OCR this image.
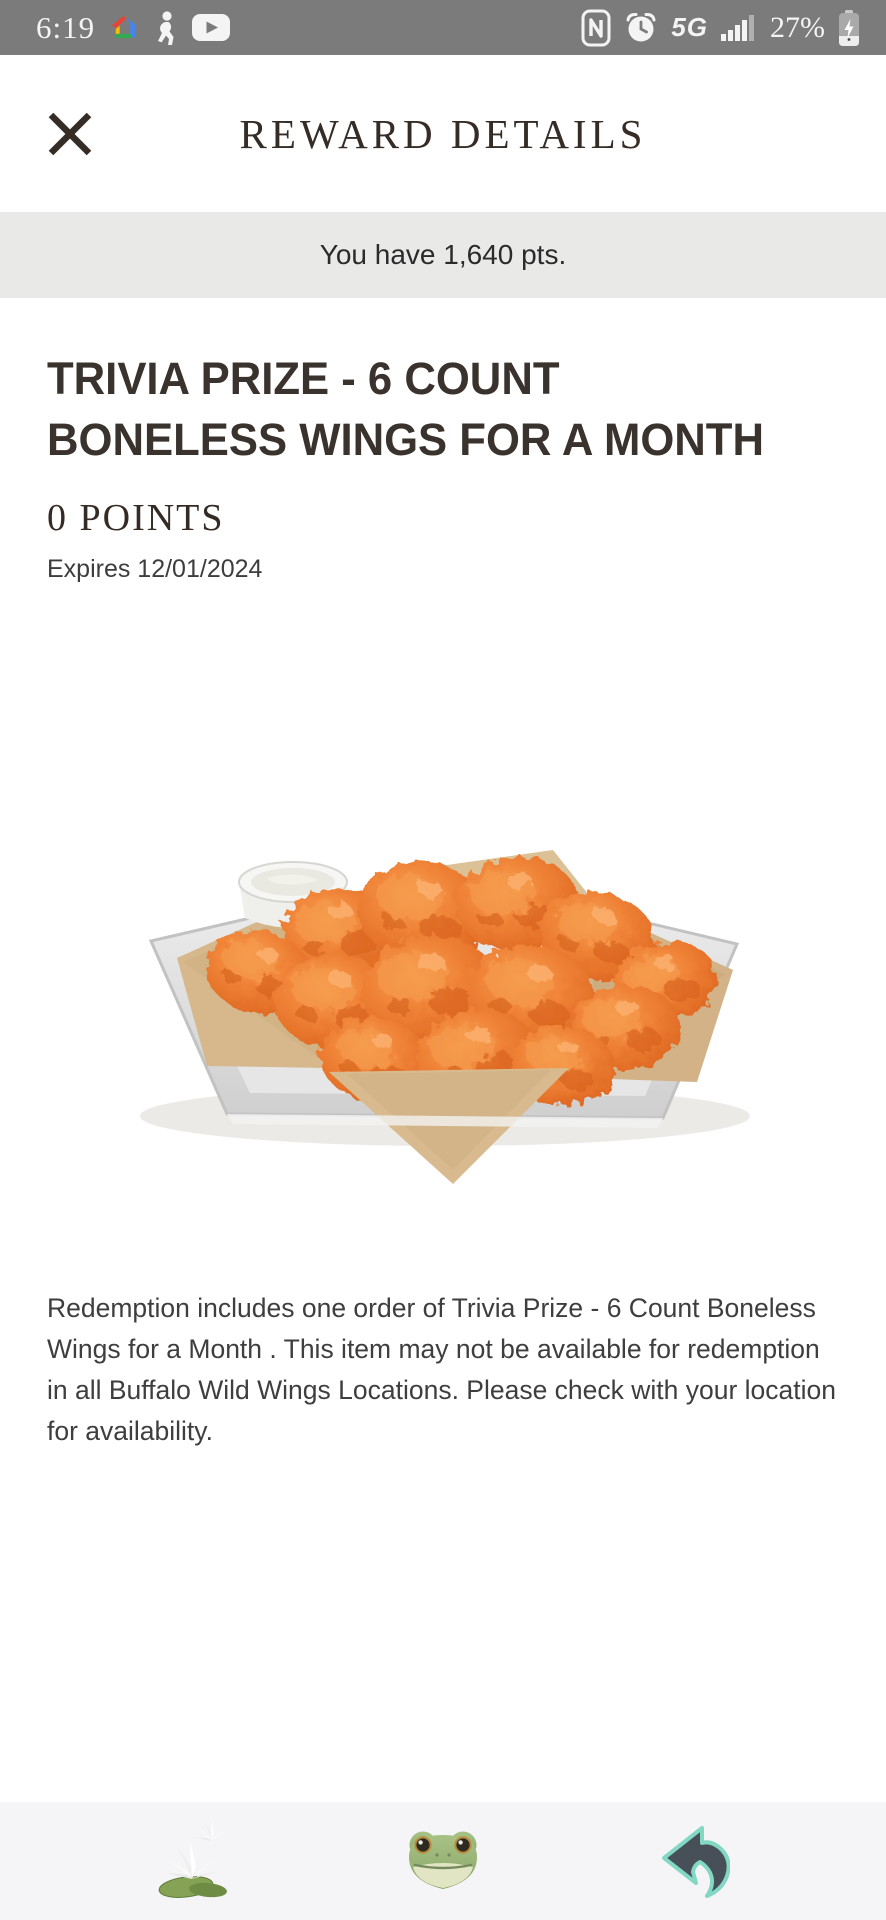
6:19	5G 27%
REWARD DETAILS
You have 1,640 pts.
TRIVIA PRIZE - 6 COUNT
BONELESS WINGS FOR A MONTH
0 POINTS
Expires 12/01/2024

Redemption includes one order of Trivia Prize - 6 Count Boneless Wings for a Month . This item may not be available for redemption in all Buffalo Wild Wings Locations. Please check with your location for availability.
